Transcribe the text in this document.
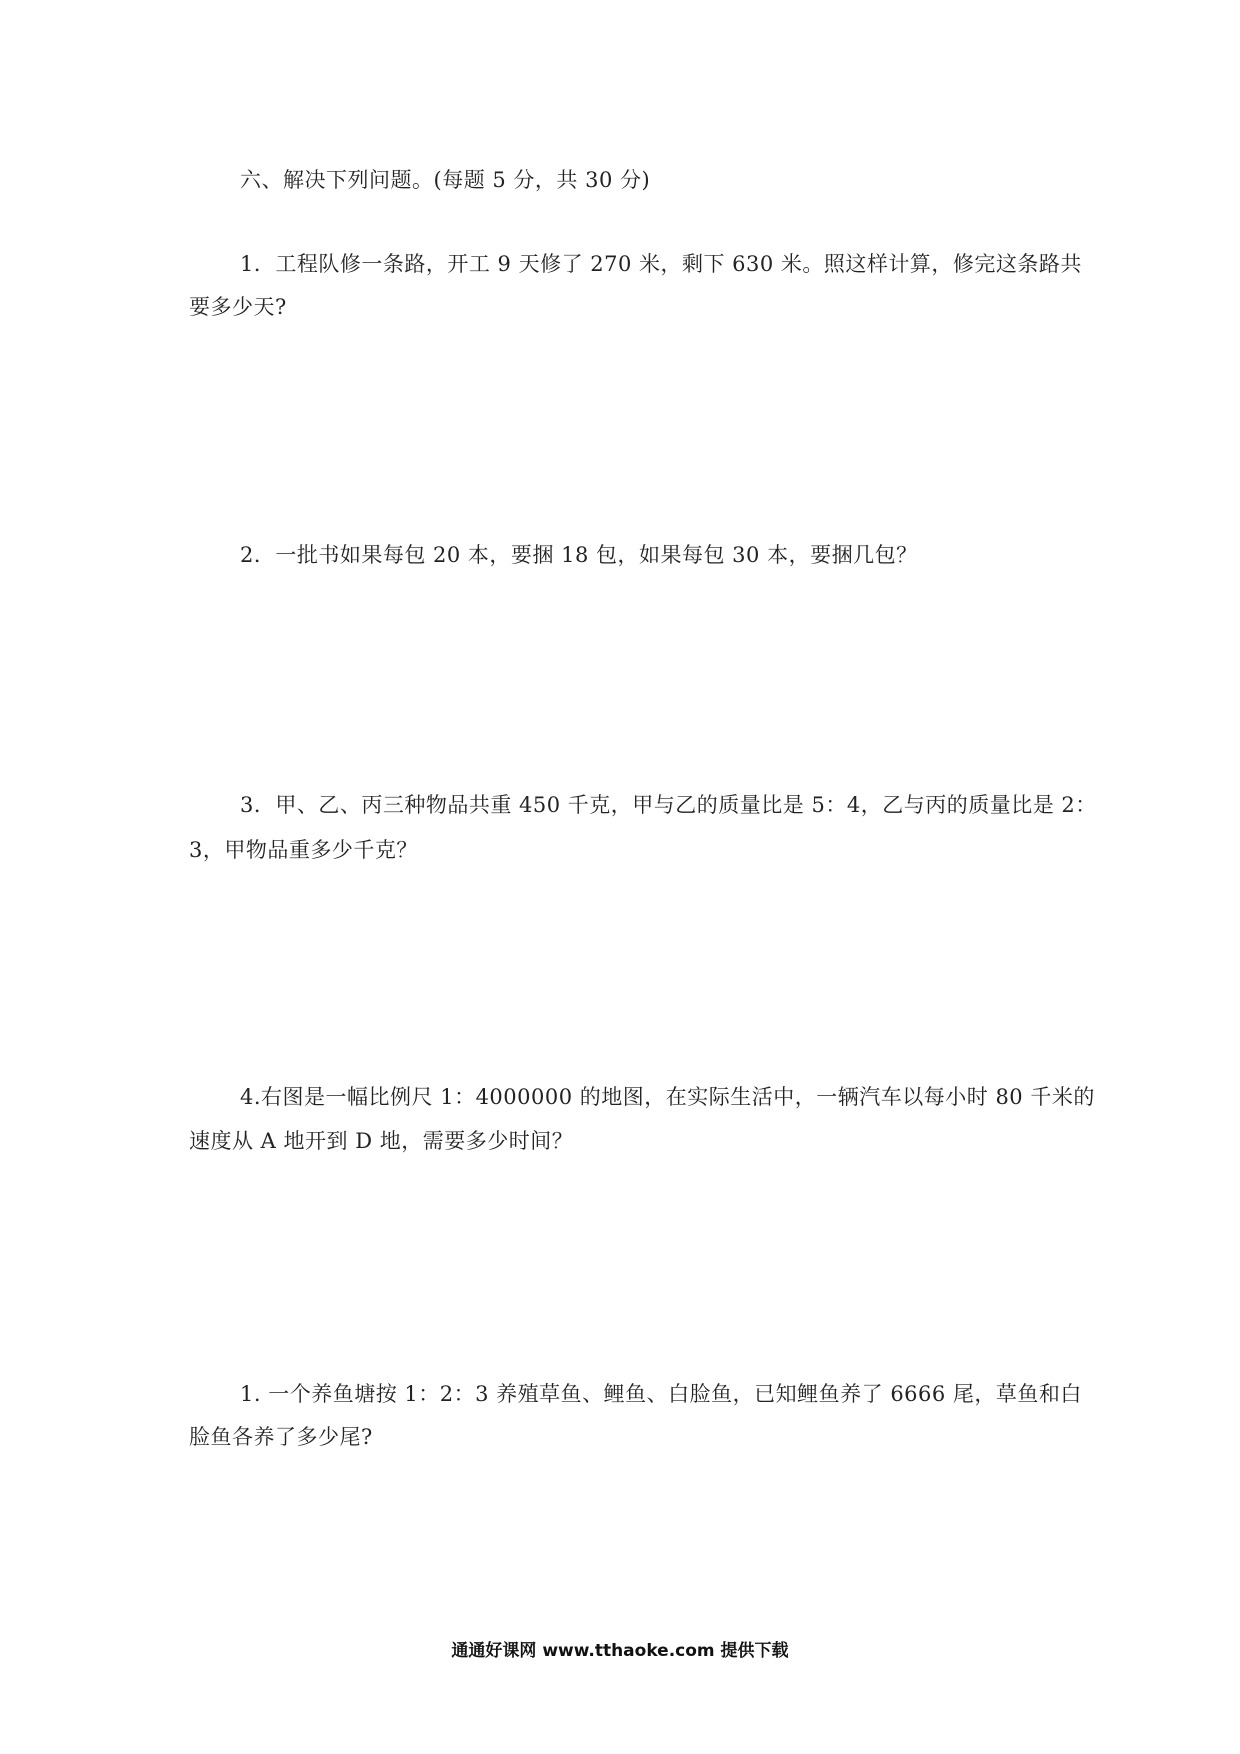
六、解决下列问题。(每题 5 分，共 30 分)
1．工程队修一条路，开工 9 天修了 270 米，剩下 630 米。照这样计算，修完这条路共
要多少天?
2．一批书如果每包 20 本，要捆 18 包，如果每包 30 本，要捆几包？
3．甲、乙、丙三种物品共重 450 千克，甲与乙的质量比是 5：4，乙与丙的质量比是 2：
3，甲物品重多少千克？
4.右图是一幅比例尺 1：4000000 的地图，在实际生活中，一辆汽车以每小时 80 千米的
速度从 A 地开到 D 地，需要多少时间？
1. 一个养鱼塘按 1：2：3 养殖草鱼、鲤鱼、白脸鱼，已知鲤鱼养了 6666 尾，草鱼和白
脸鱼各养了多少尾?
通通好课网 www.tthaoke.com 提供下载
